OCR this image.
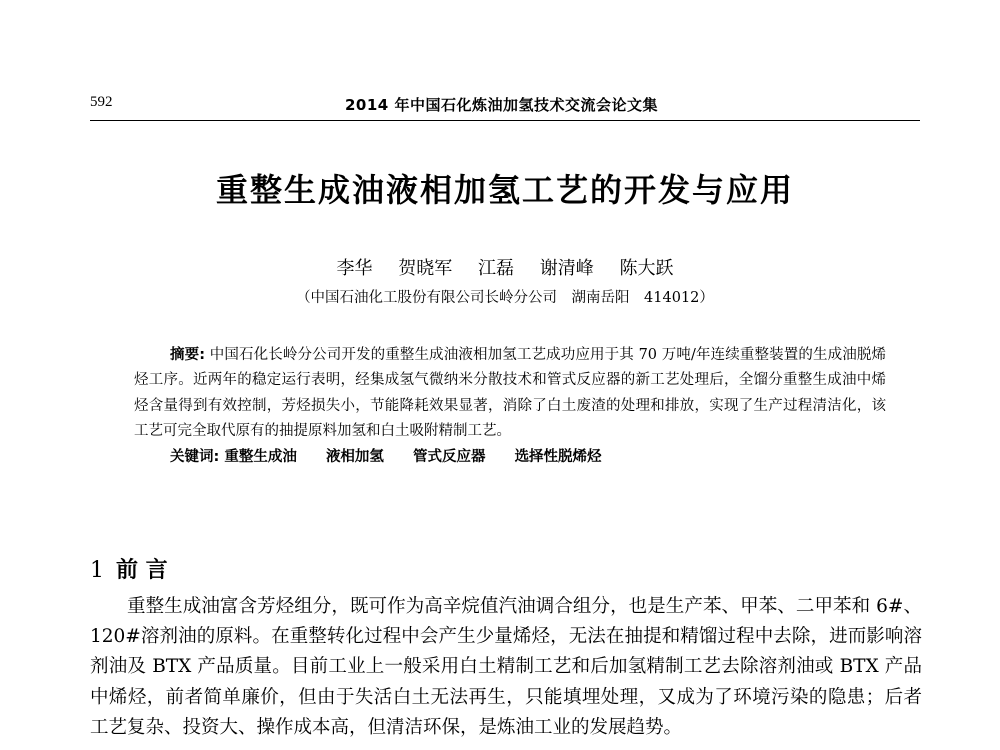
592	2014 年中国石化炼油加氢技术交流会论文集
重整生成油液相加氢工艺的开发与应用
李华 贺晓军 江磊 谢清峰 陈大跃
（中国石油化工股份有限公司长岭分公司　湖南岳阳　414012）

摘要: 中国石化长岭分公司开发的重整生成油液相加氢工艺成功应用于其 70 万吨/年连续重整装置的生成油脱烯烃工序。近两年的稳定运行表明，经集成氢气微纳米分散技术和管式反应器的新工艺处理后，全馏分重整生成油中烯烃含量得到有效控制，芳烃损失小，节能降耗效果显著，消除了白土废渣的处理和排放，实现了生产过程清洁化，该工艺可完全取代原有的抽提原料加氢和白土吸附精制工艺。

关键词: 重整生成油 液相加氢 管式反应器 选择性脱烯烃

1 前 言

重整生成油富含芳烃组分，既可作为高辛烷值汽油调合组分，也是生产苯、甲苯、二甲苯和 6#、120#溶剂油的原料。在重整转化过程中会产生少量烯烃，无法在抽提和精馏过程中去除，进而影响溶剂油及 BTX 产品质量。目前工业上一般采用白土精制工艺和后加氢精制工艺去除溶剂油或 BTX 产品中烯烃，前者简单廉价，但由于失活白土无法再生，只能填埋处理，又成为了环境污染的隐患；后者工艺复杂、投资大、操作成本高，但清洁环保，是炼油工业的发展趋势。
